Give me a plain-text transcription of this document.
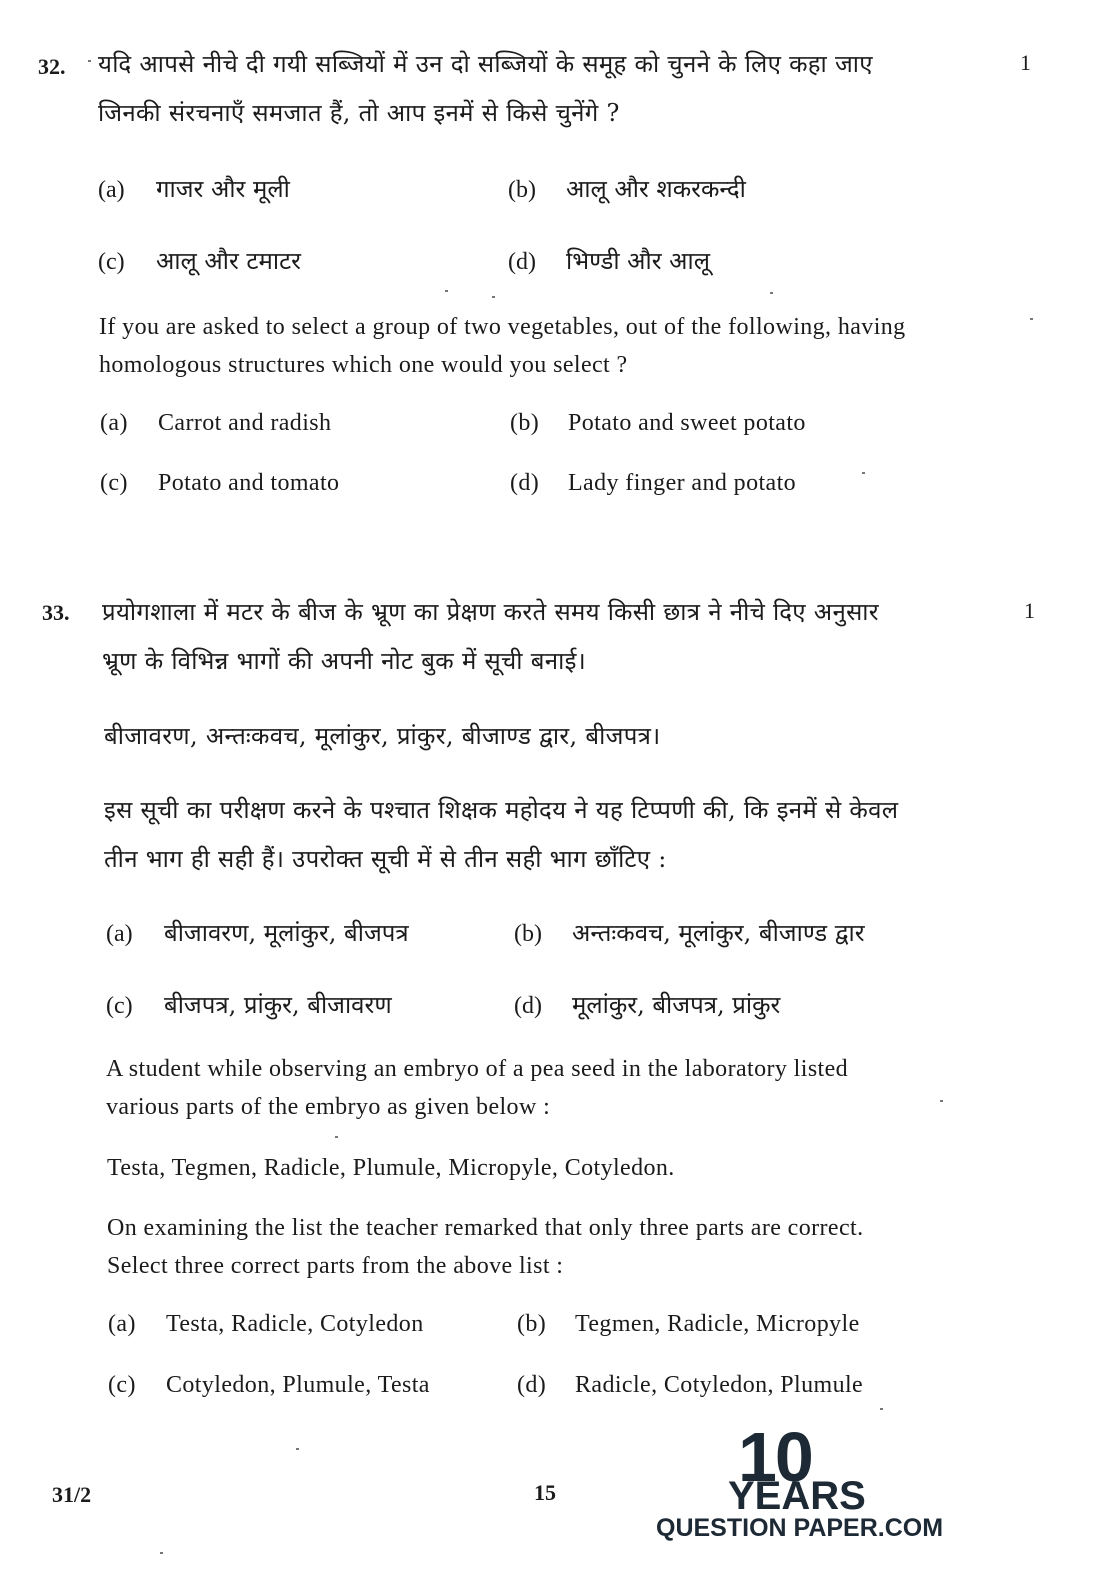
32.	1
यदि आपसे नीचे दी गयी सब्जियों में उन दो सब्जियों के समूह को चुनने के लिए कहा जाए
जिनकी संरचनाएँ समजात हैं, तो आप इनमें से किसे चुनेंगे ?
(a) गाजर और मूली	(b) आलू और शकरकन्दी
(c) आलू और टमाटर	(d) भिण्डी और आलू
If you are asked to select a group of two vegetables, out of the following, having
homologous structures which one would you select ?
(a) Carrot and radish	(b) Potato and sweet potato
(c) Potato and tomato	(d) Lady finger and potato
33.	1
प्रयोगशाला में मटर के बीज के भ्रूण का प्रेक्षण करते समय किसी छात्र ने नीचे दिए अनुसार
भ्रूण के विभिन्न भागों की अपनी नोट बुक में सूची बनाई।
बीजावरण, अन्तःकवच, मूलांकुर, प्रांकुर, बीजाण्ड द्वार, बीजपत्र।
इस सूची का परीक्षण करने के पश्चात शिक्षक महोदय ने यह टिप्पणी की, कि इनमें से केवल
तीन भाग ही सही हैं। उपरोक्त सूची में से तीन सही भाग छाँटिए :
(a) बीजावरण, मूलांकुर, बीजपत्र	(b) अन्तःकवच, मूलांकुर, बीजाण्ड द्वार
(c) बीजपत्र, प्रांकुर, बीजावरण	(d) मूलांकुर, बीजपत्र, प्रांकुर
A student while observing an embryo of a pea seed in the laboratory listed
various parts of the embryo as given below :
Testa, Tegmen, Radicle, Plumule, Micropyle, Cotyledon.
On examining the list the teacher remarked that only three parts are correct.
Select three correct parts from the above list :
(a) Testa, Radicle, Cotyledon	(b) Tegmen, Radicle, Micropyle
(c) Cotyledon, Plumule, Testa	(d) Radicle, Cotyledon, Plumule
31/2	15	10
YEARS
QUESTION PAPER.COM
